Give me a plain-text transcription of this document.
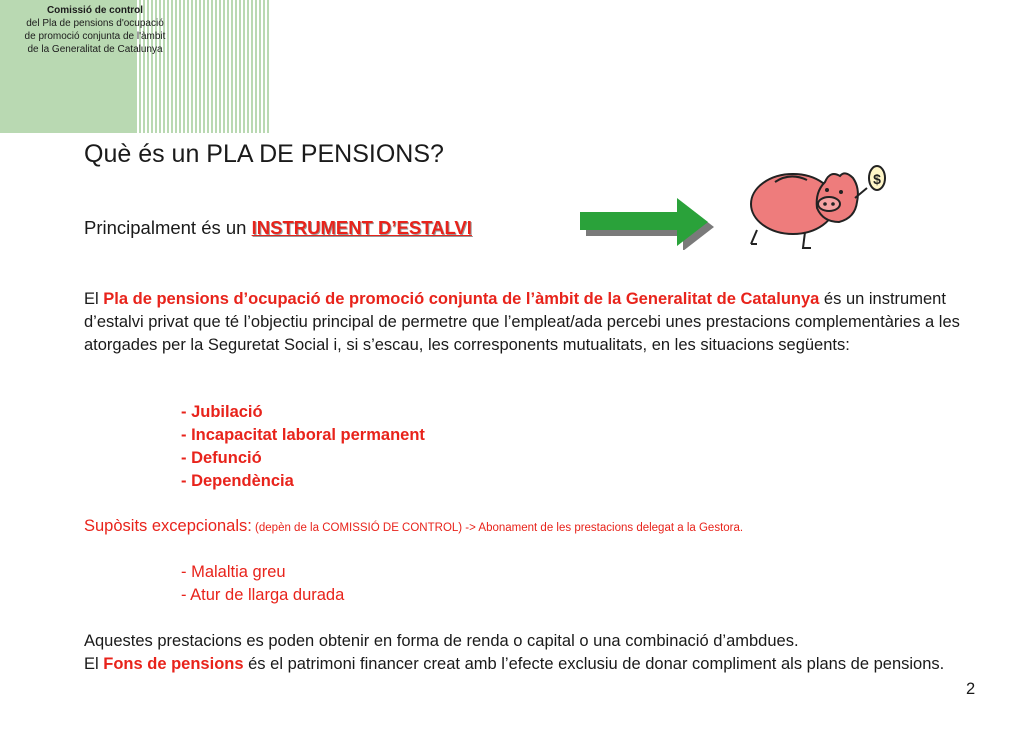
Comissió de control
del Pla de pensions d'ocupació
de promoció conjunta de l'àmbit
de la Generalitat de Catalunya
Què és un PLA DE PENSIONS?
Principalment és un INSTRUMENT D’ESTALVI
$
El Pla de pensions d’ocupació de promoció conjunta de l’àmbit de la Generalitat de Catalunya és un instrument d’estalvi privat que té l’objectiu principal de permetre que l’empleat/ada percebi unes prestacions complementàries a les atorgades per la Seguretat Social i, si s’escau, les corresponents mutualitats, en les situacions següents:
- Jubilació
- Incapacitat laboral permanent
- Defunció
- Dependència
Supòsits excepcionals: (depèn de la COMISSIÓ DE CONTROL) -> Abonament de les prestacions delegat a la Gestora.
- Malaltia greu
- Atur de llarga durada
Aquestes prestacions es poden obtenir en forma de renda o capital o una combinació d’ambdues.
El Fons de pensions és el patrimoni financer creat amb l’efecte exclusiu de donar compliment als plans de pensions.
2
